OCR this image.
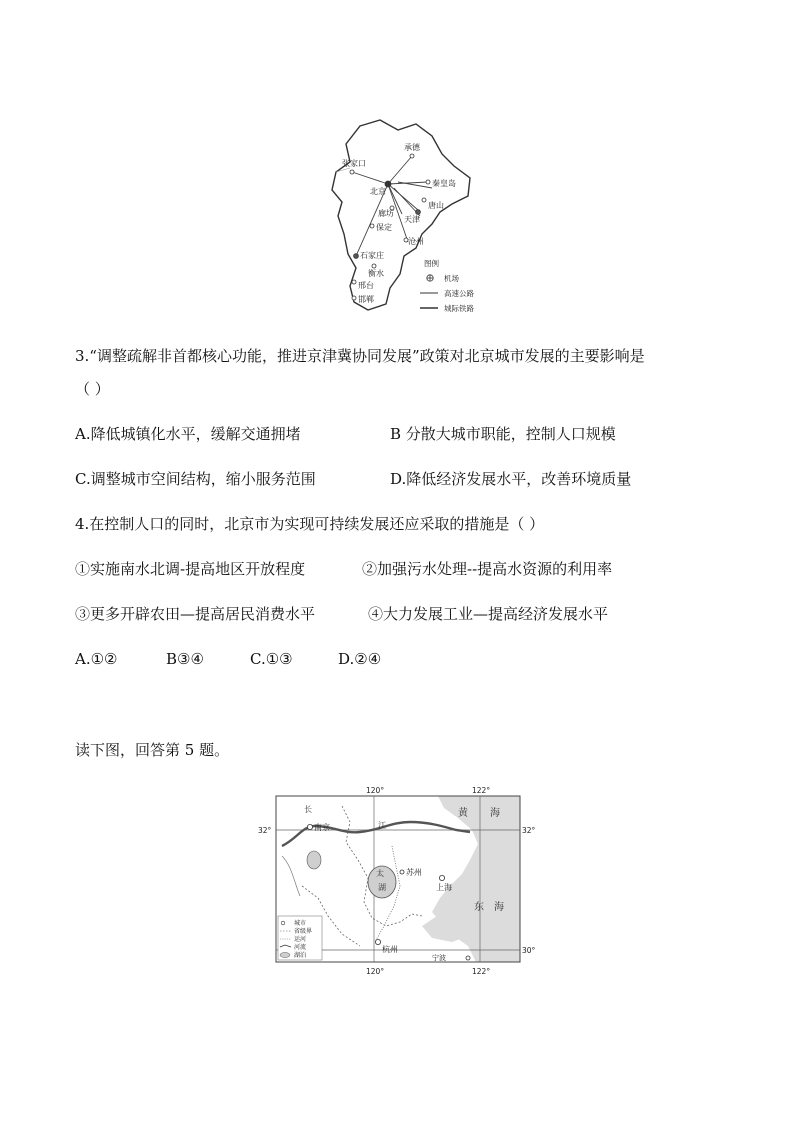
承德
张家口
北京
秦皇岛
唐山
廊坊
天津
保定
沧州
石家庄
衡水
邢台
邯郸
图例
机场
高速公路
城际铁路
3.“调整疏解非首都核心功能，推进京津冀协同发展”政策对北京城市发展的主要影响是
（ ）
A.降低城镇化水平，缓解交通拥堵	B 分散大城市职能，控制人口规模
C.调整城市空间结构，缩小服务范围	D.降低经济发展水平，改善环境质量
4.在控制人口的同时，北京市为实现可持续发展还应采取的措施是（ ）
①实施南水北调-提高地区开放程度	②加强污水处理--提高水资源的利用率
③更多开辟农田—提高居民消费水平	④大力发展工业—提高经济发展水平
A.①②	B③④	C.①③	D.②④
读下图，回答第 5 题。
南京
苏州
上海
杭州
宁波
黄 海
东 海
长
江
太
湖
120°	122°
120°	122°
32°	32°
30°
城市
省级界
运河
河流
湖泊
